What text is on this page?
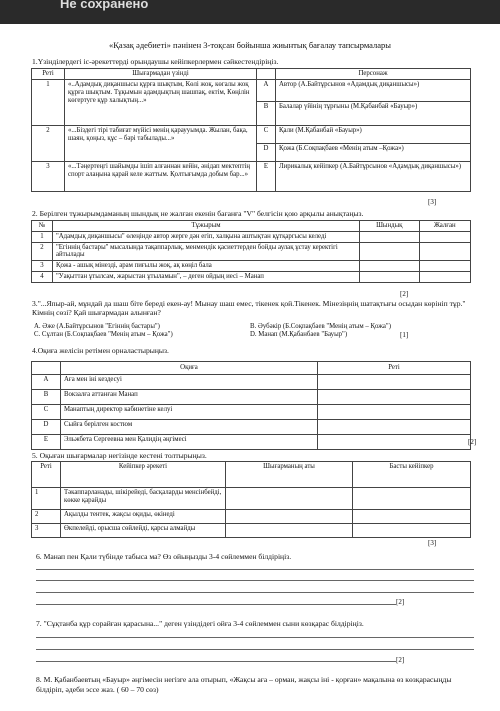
Не сохранено
«Қазақ әдебиеті» пәнінен 3-тоқсан бойынша жиынтық бағалау тапсырмалары
1.Үзінділердегі іс-әрекеттерді орындаушы кейіпкерлермен сәйкестендіріңіз.
Реті	Шығармадан үзінді		Персонаж
1	«..Адамдық диқаншысы құрға шықтым, Көлі жоқ, көгалы жоқ құрға шықтым. Тұқымын адамдықтың шашпақ, ектім, Көңілін көгертуге құр халықтың...»	A	Автор (А.Байтұрсынов «Адамдық диқаншысы»)
		B	Балалар үйінің тұрғыны (М.Қабанбай «Бауыр»)
2	«...Біздегі тірі табиғат мүйісі менің қараууымда. Жылан, бақа, шаян, қоңыз, құс – бәрі табылады...»	C	Қали (М.Қабанбай «Бауыр»)
		D	Қожа (Б.Соқпақбаев «Менің атым –Қожа»)
3	«...Тәңертеңгі шайымды ішіп алғаннан кейін, әнідап мектептің спорт алаңына қарай келе жаттым. Қолтығымда добым бар...»	E	Лирикалық кейіпкер (А.Байтұрсынов «Адамдық диқаншысы»)
[3]
2. Берілген тұжырымдаманың шындық не жалған екенін бағанға "V" белгісін қою арқылы анықтаңыз.
№	Тұжырым	Шындық	Жалған
1	"Адамдық диқаншысы" өлеңінде автор жерге дән егіп, халқына аштықтан құтқаргысы келеді		
2	"Егіннің бастары" мысалында тақаппарлық, менмендік қасиеттерден бойды аулақ ұстау керектігі айтылады		
3	Қожа - ашық мінезді, арам пиғылы жоқ, ақ көңіл бала		
4	"Уақыттан ұтылсам, жарыстан ұтыламын", – деген ойдың иесі – Манап		
[2]
3."...Япыр-ай, мұндай да шаш біте береді екен-ау! Мынау шаш емес, тікенек қой.Тікенек. Мінезіңнің шатақтығы осыдан көрініп тұр." Кімнің сөзі? Қай шығармадан алынған?
A. Әже (А.Байтұрсынов "Егіннің бастары")	B. Әубәкір (Б.Соқпақбаев "Менің атым – Қожа")
C. Сұлтан (Б.Соқпақбаев "Менің атым – Қожа")	D. Манап (М.Қабанбаев "Бауыр")	[1]
4.Оқиға желісін ретімен орналастырыңыз.
	Оқиға	Реті
A	Аға мен іні кездесуі	
B	Вокзалға аттанған Манап	
C	Манаптың директор кабинетіне келуі	
D	Сыйға берілген костюм	
E	Эльжбета Сергеевна мен Қалидің әңгімесі		[2]
5. Оқыған шығармалар негізінде кестені толтырыңыз.
Реті	Кейіпкер әрекеті	Шығарманың аты	Басты кейіпкер
1	Тәкаппарланады, шікірейеді, басқаларды менсінбейді, көкке қарайды		
2	Ақылды тентек, жақсы оқиды, өкінеді		
3	Өкпелейді, орысша сөйлейді, қарсы алмайды		
[3]
6. Манап пен Қали түбінде табыса ма? Өз ойыңызды 3-4 сөйлеммен білдіріңіз.
[2]
7. "Сұқтанба құр сорайған қарасына..." деген үзіндідегі ойға 3-4 сөйлеммен сыни көзқарас білдіріңіз.
[2]
8. М. Қабанбаевтың «Бауыр» әңгімесін негізге ала отырып, «Жақсы аға – орман, жақсы іні - қорған» мақалына өз көзқарасыңды білдіріп, әдеби эссе жаз. ( 60 – 70 сөз)
